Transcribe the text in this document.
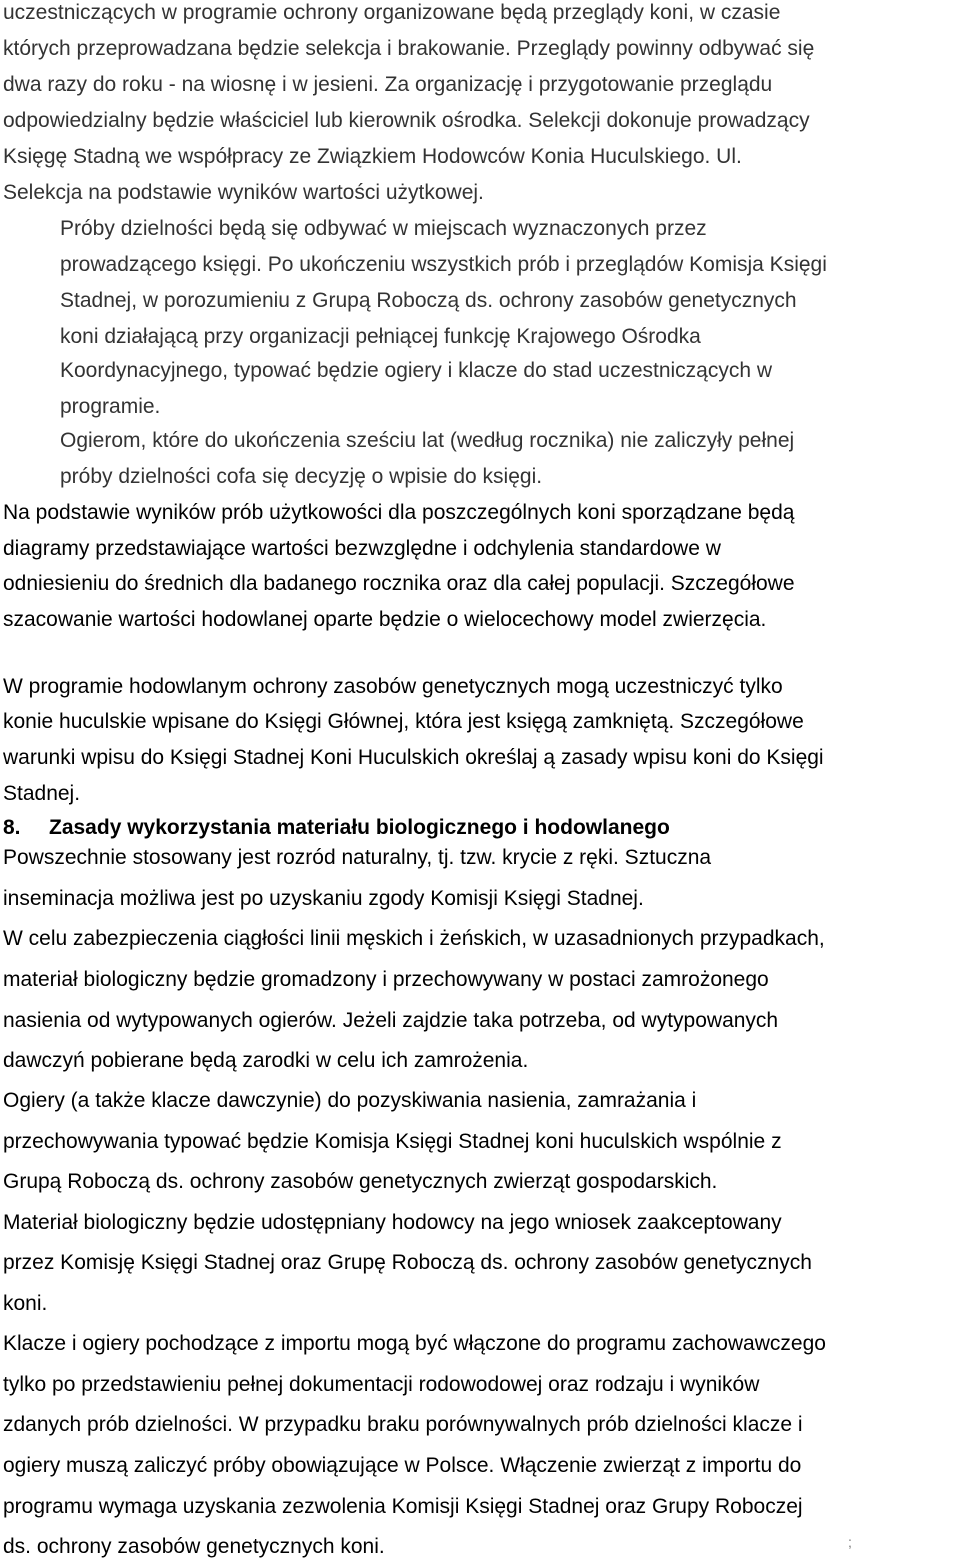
uczestniczących w programie ochrony organizowane będą przeglądy koni, w czasie

których przeprowadzana będzie selekcja i brakowanie. Przeglądy powinny odbywać się

dwa razy do roku - na wiosnę i w jesieni. Za organizację i przygotowanie przeglądu

odpowiedzialny będzie właściciel lub kierownik ośrodka. Selekcji dokonuje prowadzący

Księgę Stadną we współpracy ze Związkiem Hodowców Konia Huculskiego. Ul.

Selekcja na podstawie wyników wartości użytkowej.

Próby dzielności będą się odbywać w miejscach wyznaczonych przez

prowadzącego księgi. Po ukończeniu wszystkich prób i przeglądów Komisja Księgi

Stadnej, w porozumieniu z Grupą Roboczą ds. ochrony zasobów genetycznych

koni działającą przy organizacji pełniącej funkcję Krajowego Ośrodka

Koordynacyjnego, typować będzie ogiery i klacze do stad uczestniczących w

programie.

Ogierom, które do ukończenia sześciu lat (według rocznika) nie zaliczyły pełnej

próby dzielności cofa się decyzję o wpisie do księgi.

Na podstawie wyników prób użytkowości dla poszczególnych koni sporządzane będą

diagramy przedstawiające wartości bezwzględne i odchylenia standardowe w

odniesieniu do średnich dla badanego rocznika oraz dla całej populacji. Szczegółowe

szacowanie wartości hodowlanej oparte będzie o wielocechowy model zwierzęcia.

W programie hodowlanym ochrony zasobów genetycznych mogą uczestniczyć tylko

konie huculskie wpisane do Księgi Głównej, która jest księgą zamkniętą. Szczegółowe

warunki wpisu do Księgi Stadnej Koni Huculskich określaj ą zasady wpisu koni do Księgi

Stadnej.

8. Zasady wykorzystania materiału biologicznego i hodowlanego

Powszechnie stosowany jest rozród naturalny, tj. tzw. krycie z ręki. Sztuczna

inseminacja możliwa jest po uzyskaniu zgody Komisji Księgi Stadnej.

W celu zabezpieczenia ciągłości linii męskich i żeńskich, w uzasadnionych przypadkach,

materiał biologiczny będzie gromadzony i przechowywany w postaci zamrożonego

nasienia od wytypowanych ogierów. Jeżeli zajdzie taka potrzeba, od wytypowanych

dawczyń pobierane będą zarodki w celu ich zamrożenia.

Ogiery (a także klacze dawczynie) do pozyskiwania nasienia, zamrażania i

przechowywania typować będzie Komisja Księgi Stadnej koni huculskich wspólnie z

Grupą Roboczą ds. ochrony zasobów genetycznych zwierząt gospodarskich.

Materiał biologiczny będzie udostępniany hodowcy na jego wniosek zaakceptowany

przez Komisję Księgi Stadnej oraz Grupę Roboczą ds. ochrony zasobów genetycznych

koni.

Klacze i ogiery pochodzące z importu mogą być włączone do programu zachowawczego

tylko po przedstawieniu pełnej dokumentacji rodowodowej oraz rodzaju i wyników

zdanych prób dzielności. W przypadku braku porównywalnych prób dzielności klacze i

ogiery muszą zaliczyć próby obowiązujące w Polsce. Włączenie zwierząt z importu do

programu wymaga uzyskania zezwolenia Komisji Księgi Stadnej oraz Grupy Roboczej

ds. ochrony zasobów genetycznych koni.	;
